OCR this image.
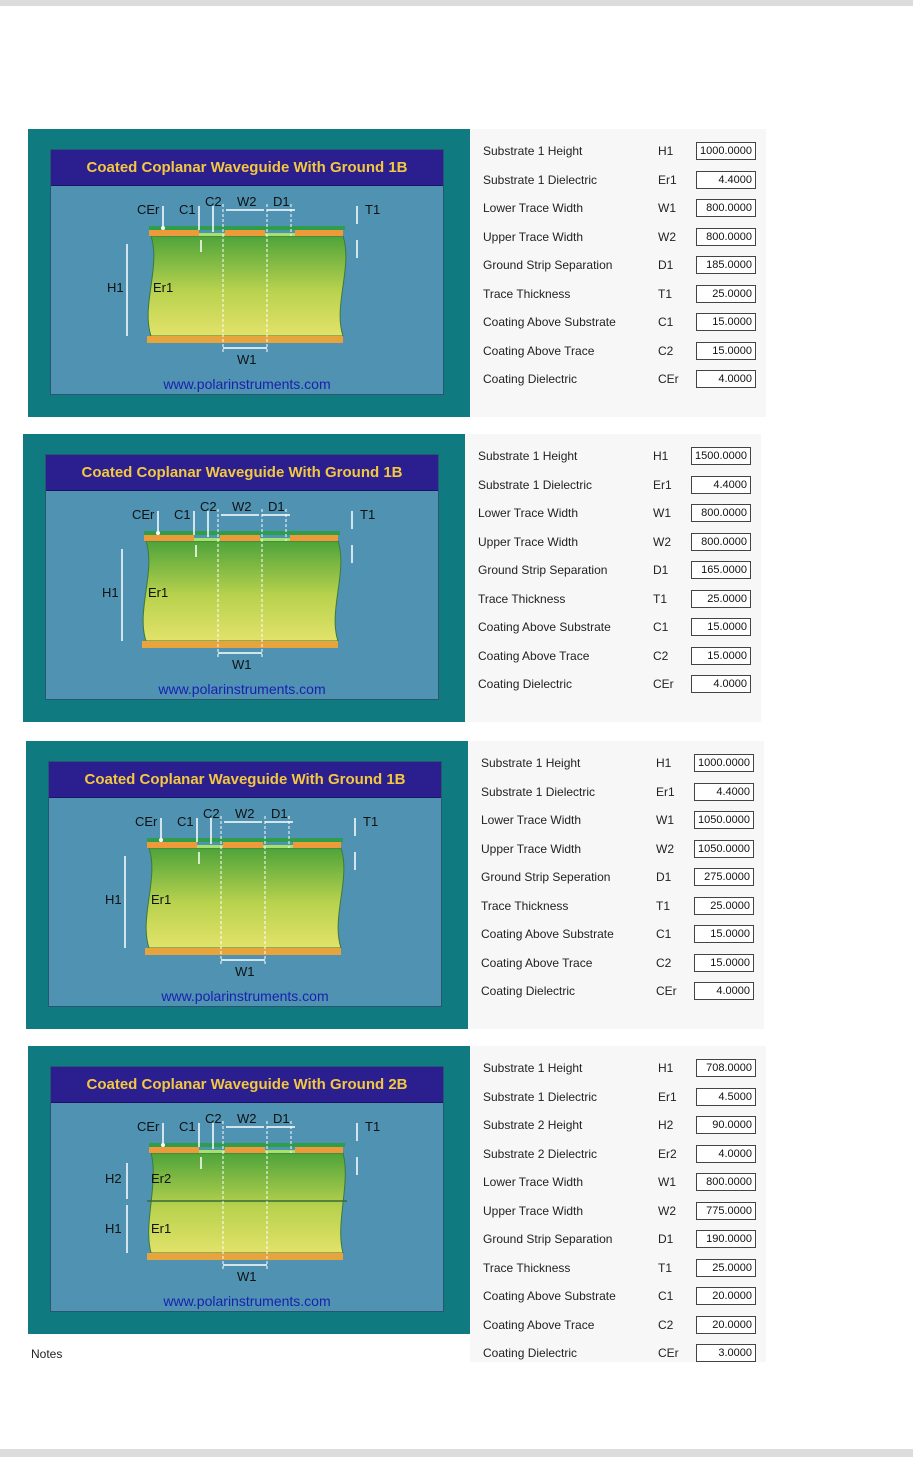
Coated Coplanar Waveguide With Ground 1B
CEr C1
C2 W2 D1
T1
W1
H1 Er1
www.polarinstruments.com
Substrate 1 Height	H1	1000.0000
Substrate 1 Dielectric	Er1	4.4000
Lower Trace Width	W1	800.0000
Upper Trace Width	W2	800.0000
Ground Strip Separation	D1	185.0000
Trace Thickness	T1	25.0000
Coating Above Substrate	C1	15.0000
Coating Above Trace	C2	15.0000
Coating Dielectric	CEr	4.0000
Coated Coplanar Waveguide With Ground 1B
CEr C1
C2 W2 D1
T1
W1
H1 Er1
www.polarinstruments.com
Substrate 1 Height	H1	1500.0000
Substrate 1 Dielectric	Er1	4.4000
Lower Trace Width	W1	800.0000
Upper Trace Width	W2	800.0000
Ground Strip Separation	D1	165.0000
Trace Thickness	T1	25.0000
Coating Above Substrate	C1	15.0000
Coating Above Trace	C2	15.0000
Coating Dielectric	CEr	4.0000
Coated Coplanar Waveguide With Ground 1B
CEr C1
C2 W2 D1
T1
W1
H1 Er1
www.polarinstruments.com
Substrate 1 Height	H1	1000.0000
Substrate 1 Dielectric	Er1	4.4000
Lower Trace Width	W1	1050.0000
Upper Trace Width	W2	1050.0000
Ground Strip Seperation	D1	275.0000
Trace Thickness	T1	25.0000
Coating Above Substrate	C1	15.0000
Coating Above Trace	C2	15.0000
Coating Dielectric	CEr	4.0000
Coated Coplanar Waveguide With Ground 2B
CEr C1
C2 W2 D1
T1
W1
H2 Er2
H1 Er1
www.polarinstruments.com
Substrate 1 Height	H1	708.0000
Substrate 1 Dielectric	Er1	4.5000
Substrate 2 Height	H2	90.0000
Substrate 2 Dielectric	Er2	4.0000
Lower Trace Width	W1	800.0000
Upper Trace Width	W2	775.0000
Ground Strip Separation	D1	190.0000
Trace Thickness	T1	25.0000
Coating Above Substrate	C1	20.0000
Coating Above Trace	C2	20.0000
Coating Dielectric	CEr	3.0000
Notes
